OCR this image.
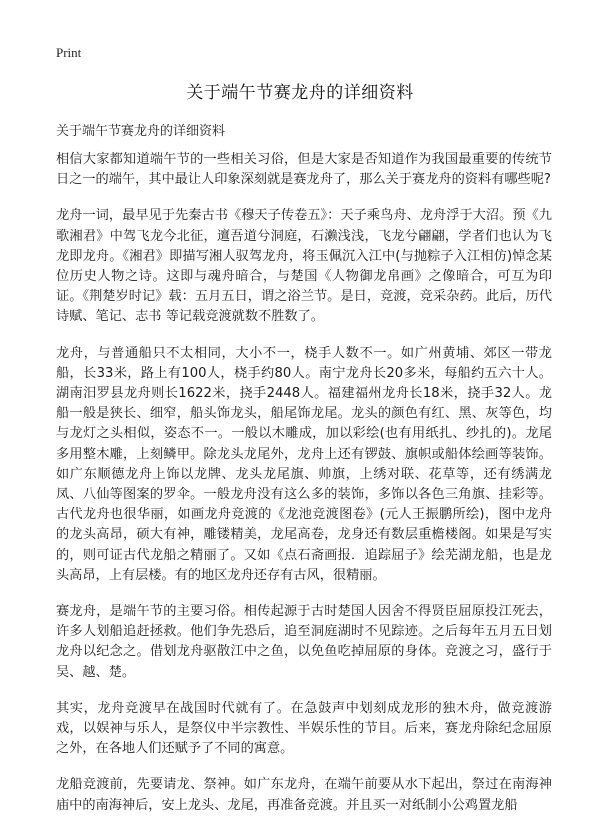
Print
关于端午节赛龙舟的详细资料
关于端午节赛龙舟的详细资料

相信大家都知道端午节的一些相关习俗，但是大家是否知道作为我国最重要的传统节日之一的端午，其中最让人印象深刻就是赛龙舟了，那么关于赛龙舟的资料有哪些呢?

龙舟一词，最早见于先秦古书《穆天子传卷五》：天子乘鸟舟、龙舟浮于大沼。预《九歌湘君》中驾飞龙今北征，邅吾道兮洞庭，石濑浅浅，飞龙兮翩翩，学者们也认为飞龙即龙舟。《湘君》即描写湘人驭驾龙舟，将玉佩沉入江中(与抛粽子入江相仿)悼念某位历史人物之诗。这即与魂舟暗合，与楚国《人物御龙帛画》之像暗合，可互为印证。《荆楚岁时记》载：五月五日，谓之浴兰节。是日，竞渡，竞采杂药。此后，历代诗赋、笔记、志书 等记载竞渡就数不胜数了。

龙舟，与普通船只不太相同，大小不一，桡手人数不一。如广州黄埔、郊区一带龙船，长33米，路上有100人，桡手约80人。南宁龙舟长20多米，每船约五六十人。湖南汨罗县龙舟则长1622米，挠手2448人。福建福州龙舟长18米，挠手32人。龙船一般是狭长、细窄，船头饰龙头，船尾饰龙尾。龙头的颜色有红、黑、灰等色，均与龙灯之头相似，姿态不一。一般以木雕成，加以彩绘(也有用纸扎、纱扎的)。龙尾多用整木雕，上刻鳞甲。除龙头龙尾外，龙舟上还有锣鼓、旗帜或船体绘画等装饰。如广东顺德龙舟上饰以龙牌、龙头龙尾旗、帅旗，上绣对联、花草等，还有绣满龙凤、八仙等图案的罗伞。一般龙舟没有这么多的装饰，多饰以各色三角旗、挂彩等。古代龙舟也很华丽，如画龙舟竞渡的《龙池竞渡图卷》(元人王振鹏所绘)，图中龙舟的龙头高昂，硕大有神，雕镂精美，龙尾高卷，龙身还有数层重檐楼阁。如果是写实的，则可证古代龙船之精丽了。又如《点石斋画报．追踪屈子》绘芜湖龙船，也是龙头高昂，上有层楼。有的地区龙舟还存有古风，很精丽。

赛龙舟，是端午节的主要习俗。相传起源于古时楚国人因舍不得贤臣屈原投江死去，许多人划船追赶拯救。他们争先恐后，追至洞庭湖时不见踪迹。之后每年五月五日划龙舟以纪念之。借划龙舟驱散江中之鱼，以免鱼吃掉屈原的身体。竞渡之习，盛行于吴、越、楚。

其实，龙舟竞渡早在战国时代就有了。在急鼓声中划刻成龙形的独木舟，做竞渡游戏，以娱神与乐人，是祭仪中半宗教性、半娱乐性的节目。后来，赛龙舟除纪念屈原之外，在各地人们还赋予了不同的寓意。

龙船竞渡前，先要请龙、祭神。如广东龙舟，在端午前要从水下起出，祭过在南海神庙中的南海神后，安上龙头、龙尾，再准备竞渡。并且买一对纸制小公鸡置龙船
